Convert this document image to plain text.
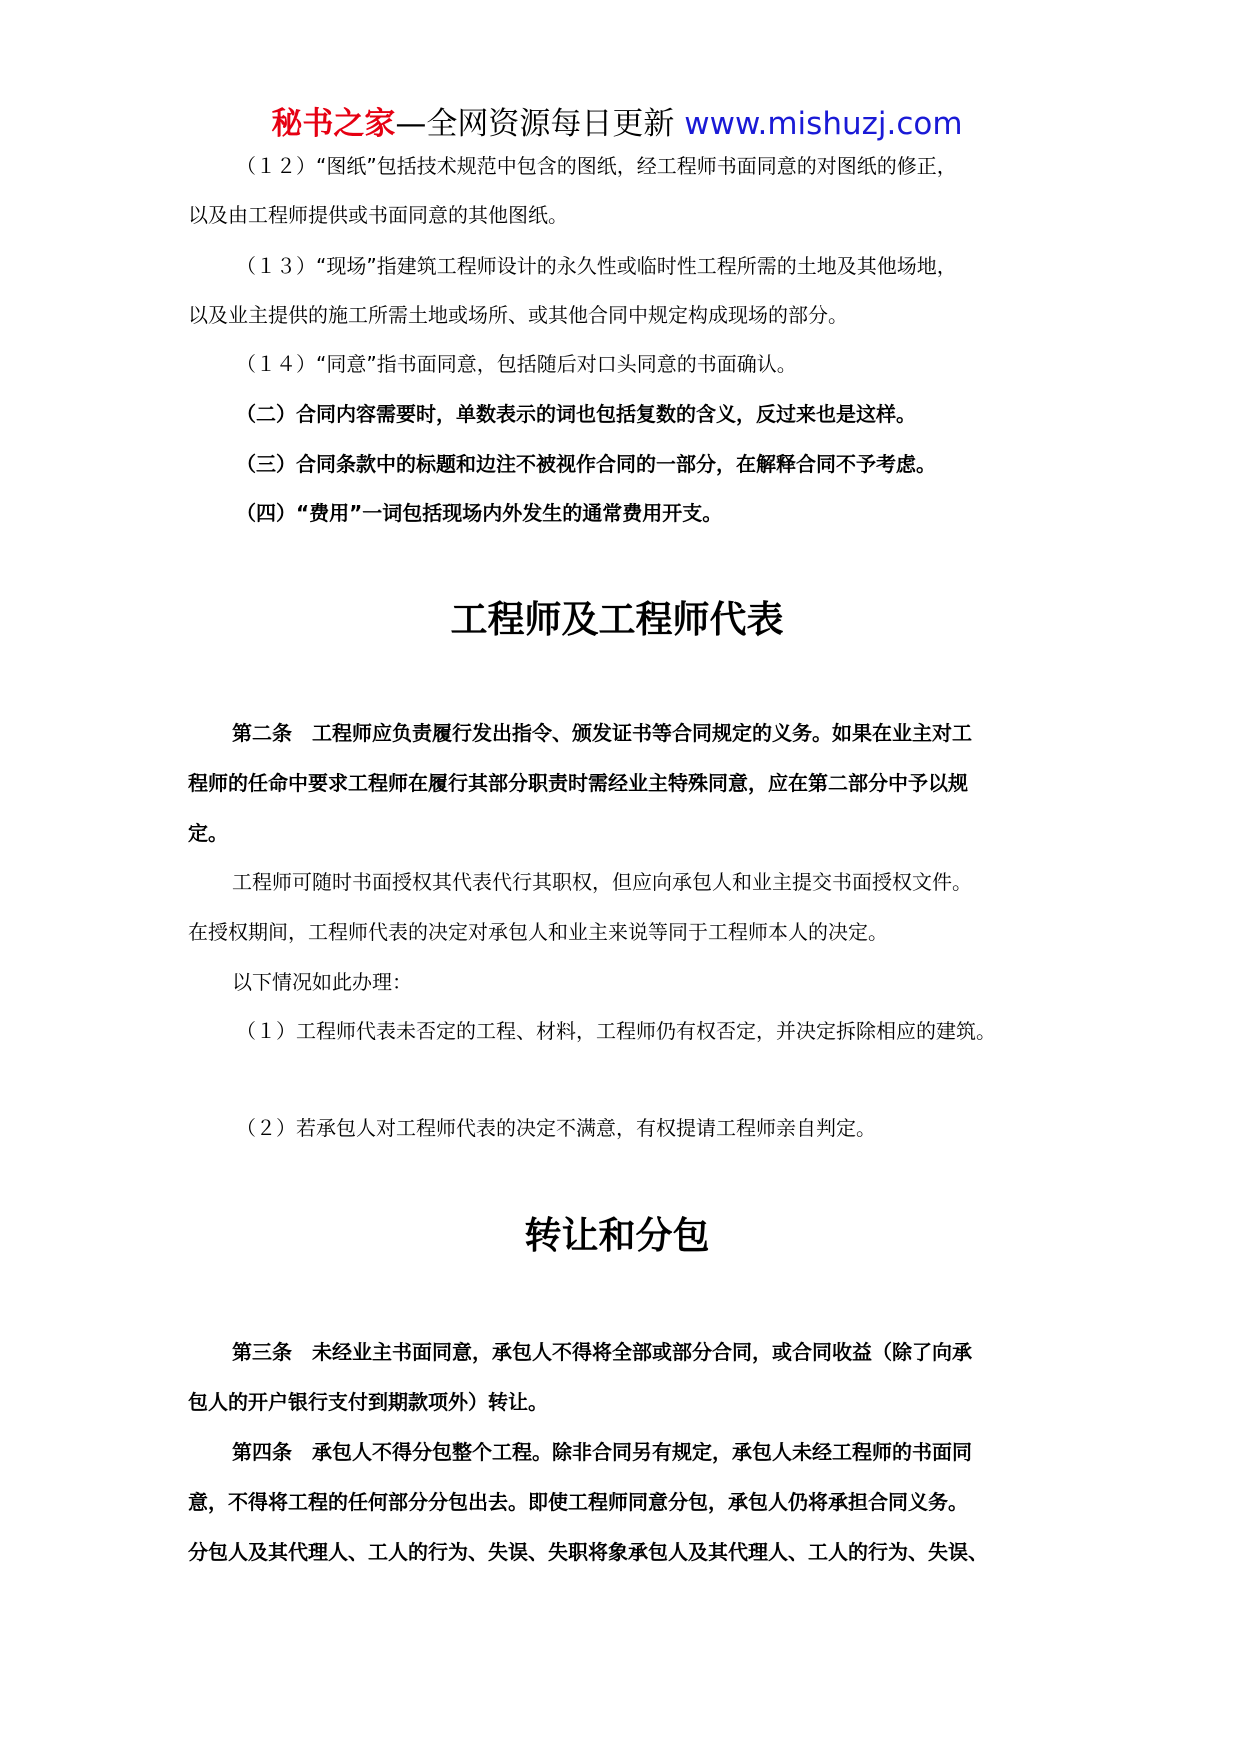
秘书之家—全网资源每日更新 www.mishuzj.com
（１２）“图纸”包括技术规范中包含的图纸，经工程师书面同意的对图纸的修正，
以及由工程师提供或书面同意的其他图纸。
（１３）“现场”指建筑工程师设计的永久性或临时性工程所需的土地及其他场地，
以及业主提供的施工所需土地或场所、或其他合同中规定构成现场的部分。
（１４）“同意”指书面同意，包括随后对口头同意的书面确认。
（二）合同内容需要时，单数表示的词也包括复数的含义，反过来也是这样。
（三）合同条款中的标题和边注不被视作合同的一部分，在解释合同不予考虑。
（四）“费用”一词包括现场内外发生的通常费用开支。
工程师及工程师代表
第二条　工程师应负责履行发出指令、颁发证书等合同规定的义务。如果在业主对工
程师的任命中要求工程师在履行其部分职责时需经业主特殊同意，应在第二部分中予以规
定。
工程师可随时书面授权其代表代行其职权，但应向承包人和业主提交书面授权文件。
在授权期间，工程师代表的决定对承包人和业主来说等同于工程师本人的决定。
以下情况如此办理：
（１）工程师代表未否定的工程、材料，工程师仍有权否定，并决定拆除相应的建筑。
（２）若承包人对工程师代表的决定不满意，有权提请工程师亲自判定。
转让和分包
第三条　未经业主书面同意，承包人不得将全部或部分合同，或合同收益（除了向承
包人的开户银行支付到期款项外）转让。
第四条　承包人不得分包整个工程。除非合同另有规定，承包人未经工程师的书面同
意，不得将工程的任何部分分包出去。即使工程师同意分包，承包人仍将承担合同义务。
分包人及其代理人、工人的行为、失误、失职将象承包人及其代理人、工人的行为、失误、
